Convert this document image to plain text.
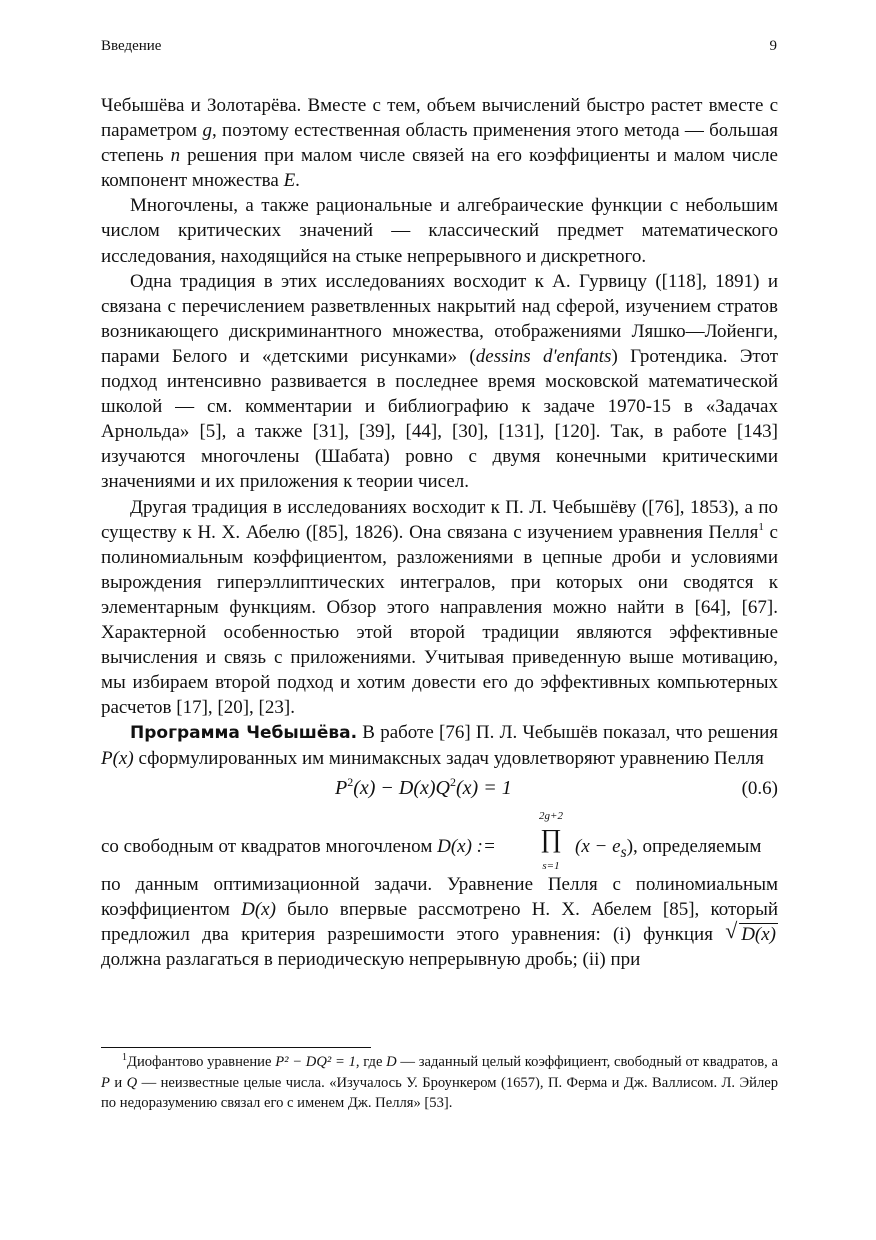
Введение	9

Чебышёва и Золотарёва. Вместе с тем, объем вычислений быстро растет вместе с параметром g, поэтому естественная область применения этого метода — большая степень n решения при малом числе связей на его коэффициенты и малом числе компонент множества E.

Многочлены, а также рациональные и алгебраические функции с небольшим числом критических значений — классический предмет математического исследования, находящийся на стыке непрерывного и дискретного.

Одна традиция в этих исследованиях восходит к А. Гурвицу ([118], 1891) и связана с перечислением разветвленных накрытий над сферой, изучением стратов возникающего дискриминантного множества, отображениями Ляшко—Лойенги, парами Белого и «детскими рисунками» (dessins d'enfants) Гротендика. Этот подход интенсивно развивается в последнее время московской математической школой — см. комментарии и библиографию к задаче 1970-15 в «Задачах Арнольда» [5], а также [31], [39], [44], [30], [131], [120]. Так, в работе [143] изучаются многочлены (Шабата) ровно с двумя конечными критическими значениями и их приложения к теории чисел.

Другая традиция в исследованиях восходит к П. Л. Чебышёву ([76], 1853), а по существу к Н. Х. Абелю ([85], 1826). Она связана с изучением уравнения Пелля$^1$ с полиномиальным коэффициентом, разложениями в цепные дроби и условиями вырождения гиперэллиптических интегралов, при которых они сводятся к элементарным функциям. Обзор этого направления можно найти в [64], [67]. Характерной особенностью этой второй традиции являются эффективные вычисления и связь с приложениями. Учитывая приведенную выше мотивацию, мы избираем второй подход и хотим довести его до эффективных компьютерных расчетов [17], [20], [23].

Программа Чебышёва. В работе [76] П. Л. Чебышёв показал, что решения P(x) сформулированных им минимаксных задач удовлетворяют уравнению Пелля

$P^2(x) - D(x)Q^2(x) = 1$	(0.6)
со свободным от квадратов многочленом D(x) :=
2g+2
∏
s=1
$(x - e_s)$, определяемым

по данным оптимизационной задачи. Уравнение Пелля с полиномиальным коэффициентом D(x) было впервые рассмотрено Н. Х. Абелем [85], который предложил два критерия разрешимости этого уравнения: (i) функция √ D(x) должна разлагаться в периодическую непрерывную дробь; (ii) при

$^1$Диофантово уравнение P² − DQ² = 1, где D — заданный целый коэффициент, свободный от квадратов, а P и Q — неизвестные целые числа. «Изучалось У. Броункером (1657), П. Ферма и Дж. Валлисом. Л. Эйлер по недоразумению связал его с именем Дж. Пелля» [53].
